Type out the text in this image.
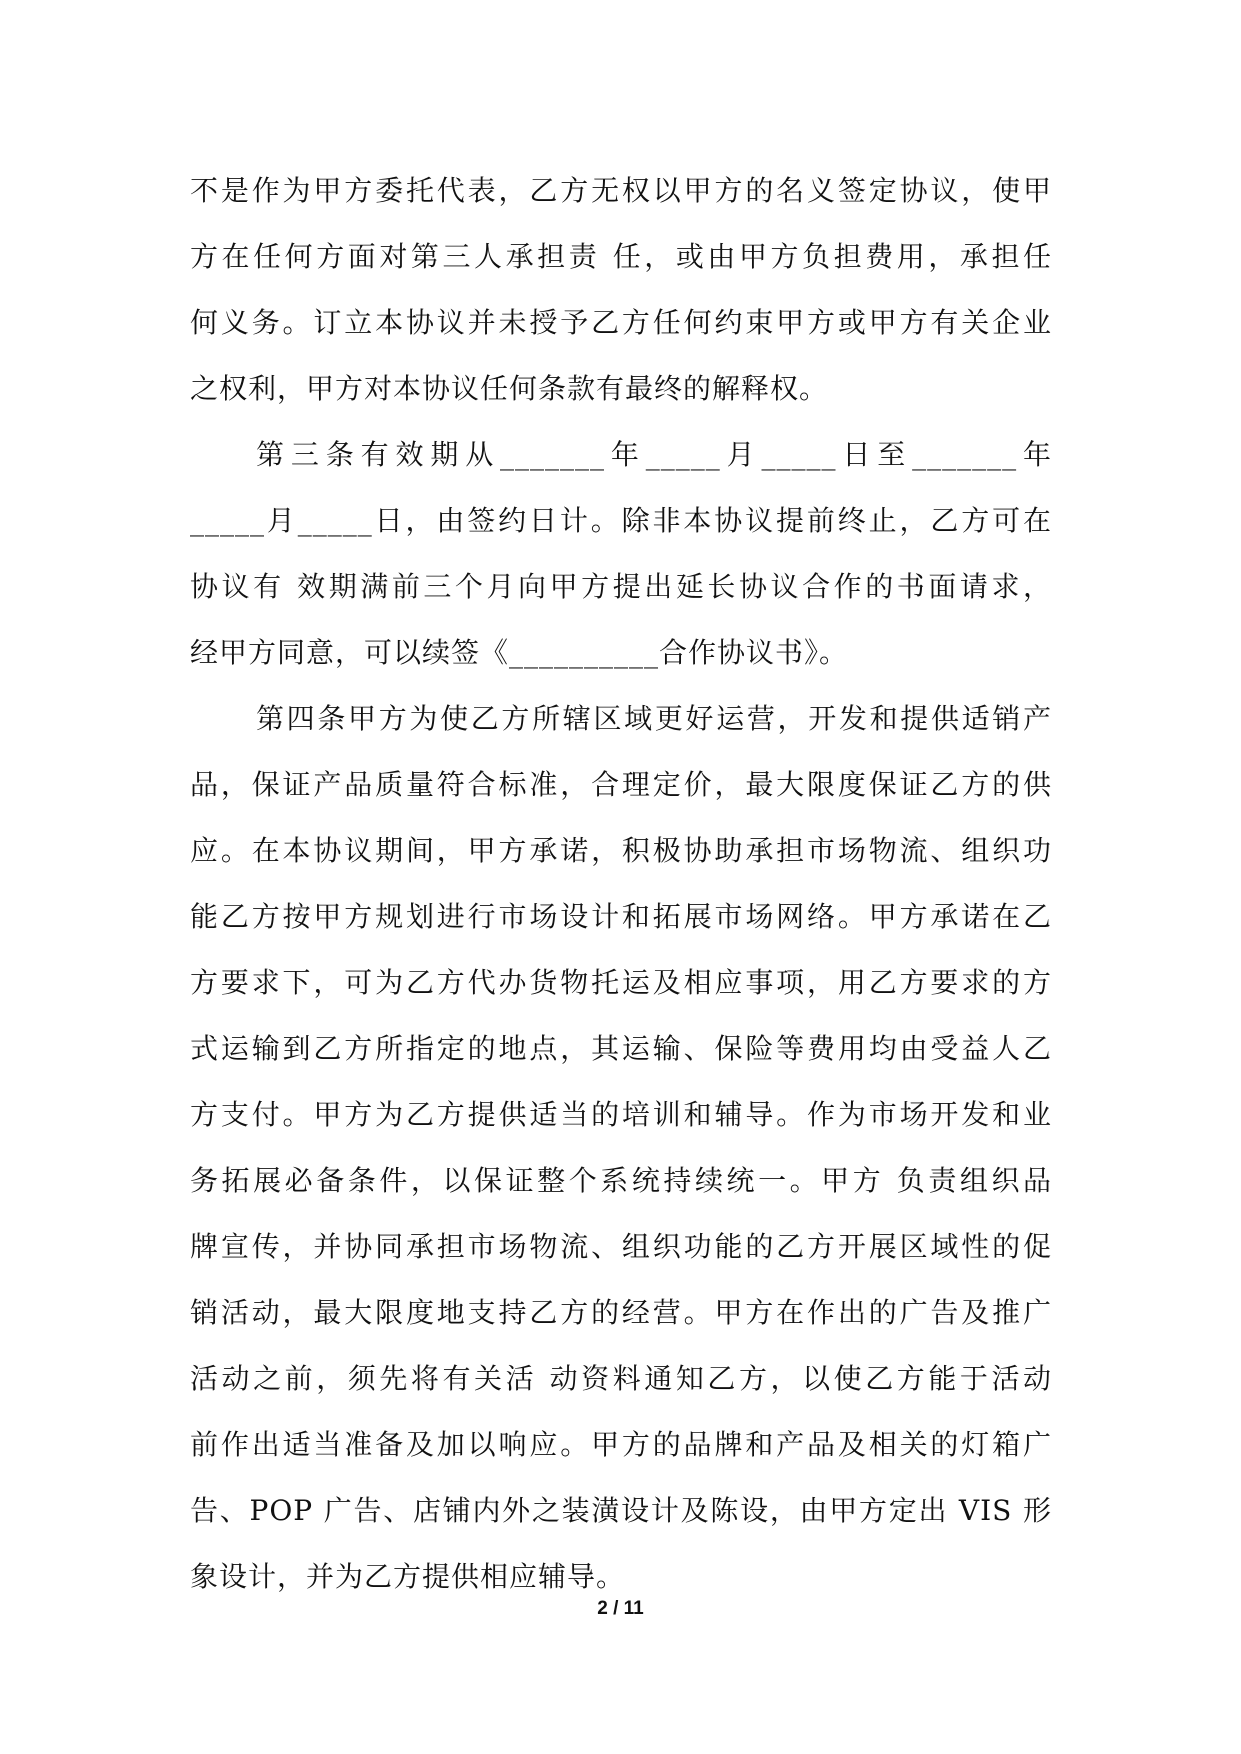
不是作为甲方委托代表，乙方无权以甲方的名义签定协议，使甲
方在任何方面对第三人承担责 任，或由甲方负担费用，承担任
何义务。订立本协议并未授予乙方任何约束甲方或甲方有关企业
之权利，甲方对本协议任何条款有最终的解释权。
第三条有效期从_______年_____月_____日至_______年
_____月_____日，由签约日计。除非本协议提前终止，乙方可在
协议有 效期满前三个月向甲方提出延长协议合作的书面请求，
经甲方同意，可以续签《__________合作协议书》。
第四条甲方为使乙方所辖区域更好运营，开发和提供适销产
品，保证产品质量符合标准，合理定价，最大限度保证乙方的供
应。在本协议期间，甲方承诺，积极协助承担市场物流、组织功
能乙方按甲方规划进行市场设计和拓展市场网络。甲方承诺在乙
方要求下，可为乙方代办货物托运及相应事项，用乙方要求的方
式运输到乙方所指定的地点，其运输、保险等费用均由受益人乙
方支付。甲方为乙方提供适当的培训和辅导。作为市场开发和业
务拓展必备条件，以保证整个系统持续统一。甲方 负责组织品
牌宣传，并协同承担市场物流、组织功能的乙方开展区域性的促
销活动，最大限度地支持乙方的经营。甲方在作出的广告及推广
活动之前，须先将有关活 动资料通知乙方，以使乙方能于活动
前作出适当准备及加以响应。甲方的品牌和产品及相关的灯箱广
告、POP 广告、店铺内外之装潢设计及陈设，由甲方定出 VIS 形
象设计，并为乙方提供相应辅导。
2 / 11
